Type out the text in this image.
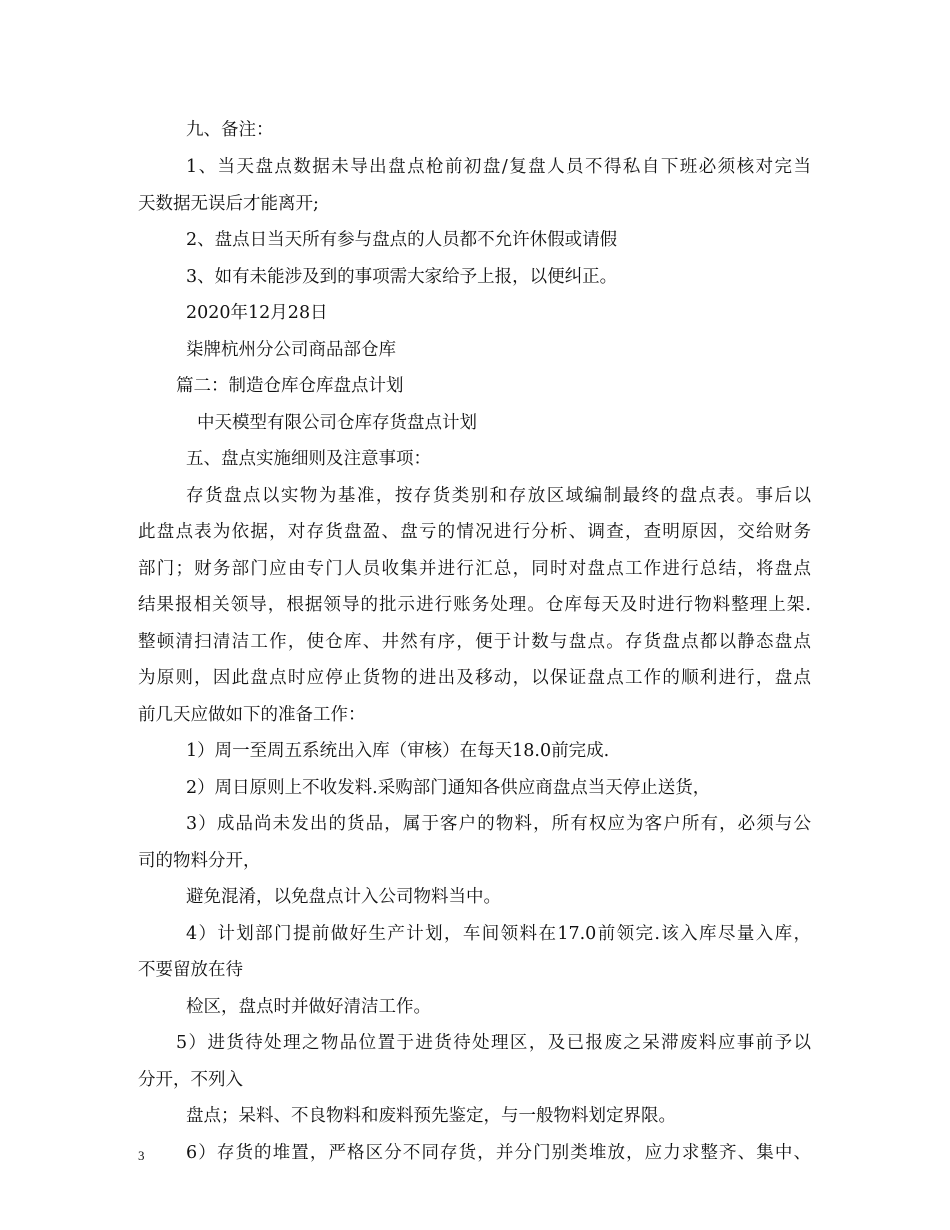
九、备注：
1、当天盘点数据未导出盘点枪前初盘/复盘人员不得私自下班必须核对完当
天数据无误后才能离开;
2、盘点日当天所有参与盘点的人员都不允许休假或请假
3、如有未能涉及到的事项需大家给予上报，以便纠正。
2020年12月28日
柒牌杭州分公司商品部仓库
篇二：制造仓库仓库盘点计划
中天模型有限公司仓库存货盘点计划
五、盘点实施细则及注意事项：
存货盘点以实物为基准，按存货类别和存放区域编制最终的盘点表。事后以
此盘点表为依据，对存货盘盈、盘亏的情况进行分析、调查，查明原因，交给财务
部门；财务部门应由专门人员收集并进行汇总，同时对盘点工作进行总结，将盘点
结果报相关领导，根据领导的批示进行账务处理。仓库每天及时进行物料整理上架.
整顿清扫清洁工作，使仓库、井然有序，便于计数与盘点。存货盘点都以静态盘点
为原则，因此盘点时应停止货物的进出及移动，以保证盘点工作的顺利进行，盘点
前几天应做如下的准备工作：
1）周一至周五系统出入库（审核）在每天18.0前完成.
2）周日原则上不收发料.采购部门通知各供应商盘点当天停止送货，
3）成品尚未发出的货品，属于客户的物料，所有权应为客户所有，必须与公
司的物料分开，
避免混淆，以免盘点计入公司物料当中。
4）计划部门提前做好生产计划，车间领料在17.0前领完.该入库尽量入库，
不要留放在待
检区，盘点时并做好清洁工作。
5）进货待处理之物品位置于进货待处理区，及已报废之呆滞废料应事前予以
分开，不列入
盘点；呆料、不良物料和废料预先鉴定，与一般物料划定界限。
6）存货的堆置，严格区分不同存货，并分门别类堆放，应力求整齐、集中、
3
